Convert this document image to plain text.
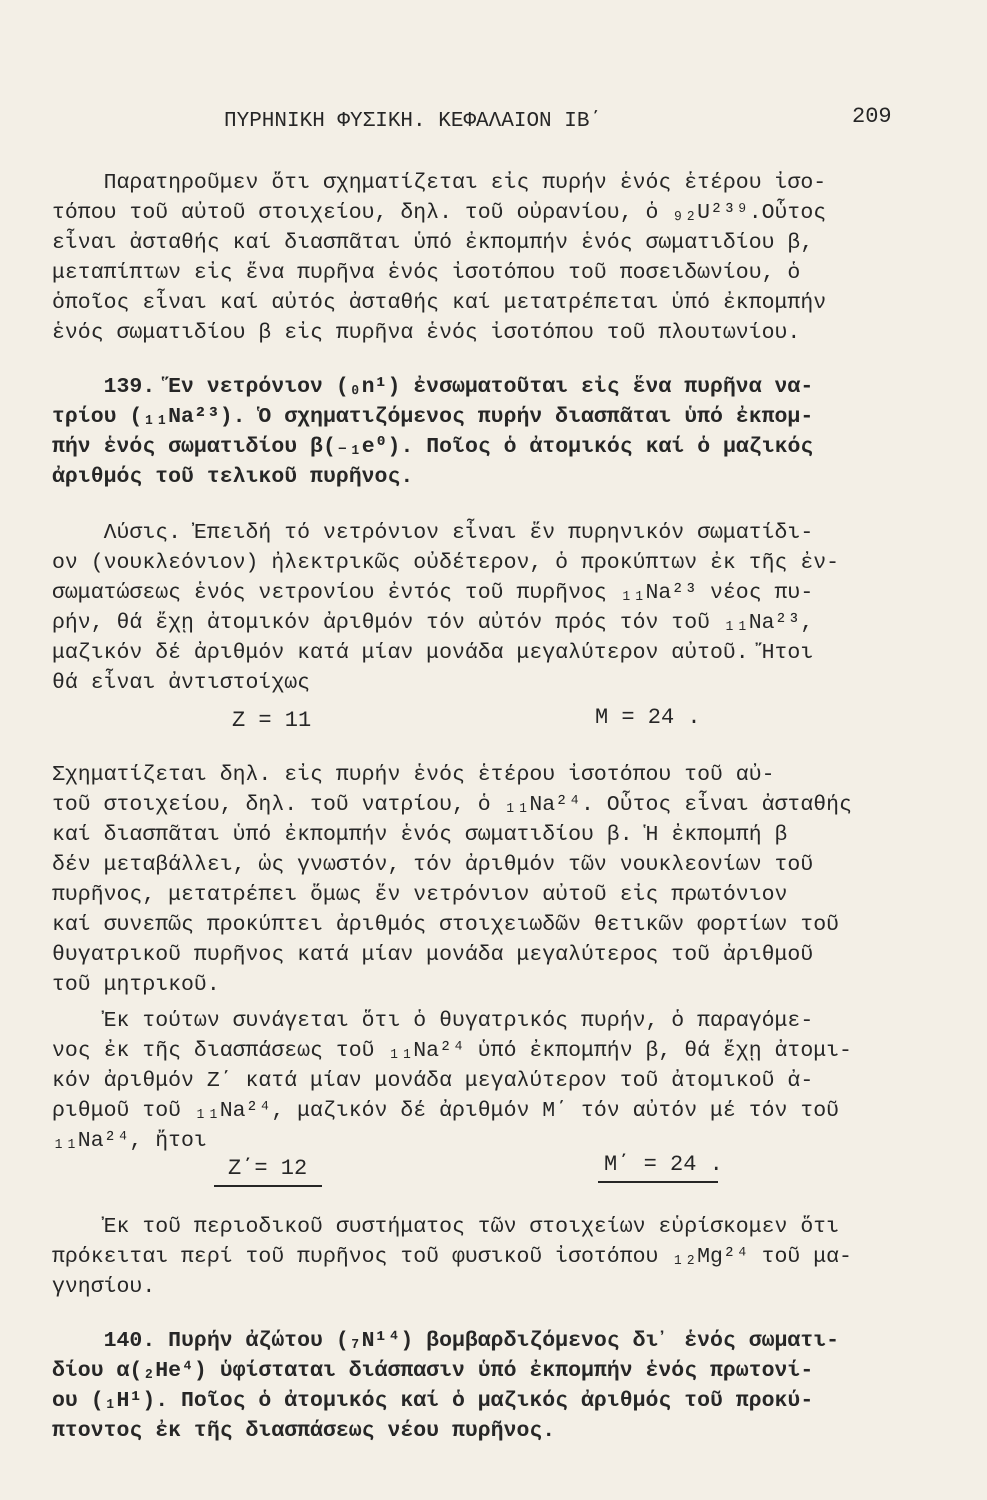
ΠΥΡΗΝΙΚΗ ΦΥΣΙΚΗ. ΚΕΦΑΛΑΙΟΝ ΙΒ΄	209
Παρατηροῦμεν ὅτι σχηματίζεται εἰς πυρήν ἑνός ἑτέρου ἰσο-
τόπου τοῦ αὐτοῦ στοιχείου, δηλ. τοῦ οὐρανίου, ὁ ₉₂U²³⁹.Οὗτος
εἶναι ἀσταθής καί διασπᾶται ὑπό ἐκπομπήν ἑνός σωματιδίου β,
μεταπίπτων εἰς ἕνα πυρῆνα ἑνός ἰσοτόπου τοῦ ποσειδωνίου, ὁ
ὁποῖος εἶναι καί αὐτός ἀσταθής καί μετατρέπεται ὑπό ἐκπομπήν
ἑνός σωματιδίου β εἰς πυρῆνα ἑνός ἰσοτόπου τοῦ πλουτωνίου.
139. Ἕν νετρόνιον (₀n¹) ἐνσωματοῦται εἰς ἕνα πυρῆνα να-
τρίου (₁₁Na²³). Ὁ σχηματιζόμενος πυρήν διασπᾶται ὑπό ἐκπομ-
πήν ἑνός σωματιδίου β(₋₁e⁰). Ποῖος ὁ ἀτομικός καί ὁ μαζικός
ἀριθμός τοῦ τελικοῦ πυρῆνος.
Λύσις. Ἐπειδή τό νετρόνιον εἶναι ἕν πυρηνικόν σωματίδι-
ον (νουκλεόνιον) ἠλεκτρικῶς οὐδέτερον, ὁ προκύπτων ἐκ τῆς ἐν-
σωματώσεως ἑνός νετρονίου ἐντός τοῦ πυρῆνος ₁₁Na²³ νέος πυ-
ρήν, θά ἔχῃ ἀτομικόν ἀριθμόν τόν αὐτόν πρός τόν τοῦ ₁₁Na²³,
μαζικόν δέ ἀριθμόν κατά μίαν μονάδα μεγαλύτερον αὐτοῦ. Ἤτοι
θά εἶναι ἀντιστοίχως
Z = 11	M = 24 .
Σχηματίζεται δηλ. εἰς πυρήν ἑνός ἑτέρου ἰσοτόπου τοῦ αὐ-
τοῦ στοιχείου, δηλ. τοῦ νατρίου, ὁ ₁₁Na²⁴. Οὗτος εἶναι ἀσταθής
καί διασπᾶται ὑπό ἐκπομπήν ἑνός σωματιδίου β. Ἡ ἐκπομπή β
δέν μεταβάλλει, ὡς γνωστόν, τόν ἀριθμόν τῶν νουκλεονίων τοῦ
πυρῆνος, μετατρέπει ὅμως ἕν νετρόνιον αὐτοῦ εἰς πρωτόνιον
καί συνεπῶς προκύπτει ἀριθμός στοιχειωδῶν θετικῶν φορτίων τοῦ
θυγατρικοῦ πυρῆνος κατά μίαν μονάδα μεγαλύτερος τοῦ ἀριθμοῦ
τοῦ μητρικοῦ.
Ἐκ τούτων συνάγεται ὅτι ὁ θυγατρικός πυρήν, ὁ παραγόμε-
νος ἐκ τῆς διασπάσεως τοῦ ₁₁Na²⁴ ὑπό ἐκπομπήν β, θά ἔχῃ ἀτομι-
κόν ἀριθμόν Z΄ κατά μίαν μονάδα μεγαλύτερον τοῦ ἀτομικοῦ ἀ-
ριθμοῦ τοῦ ₁₁Na²⁴, μαζικόν δέ ἀριθμόν M΄ τόν αὐτόν μέ τόν τοῦ
₁₁Na²⁴, ἤτοι
Z΄= 12	M΄ = 24 .
Ἐκ τοῦ περιοδικοῦ συστήματος τῶν στοιχείων εὑρίσκομεν ὅτι
πρόκειται περί τοῦ πυρῆνος τοῦ φυσικοῦ ἰσοτόπου ₁₂Mg²⁴ τοῦ μα-
γνησίου.
140. Πυρήν ἀζώτου (₇N¹⁴) βομβαρδιζόμενος δι᾽ ἑνός σωματι-
δίου α(₂He⁴) ὑφίσταται διάσπασιν ὑπό ἐκπομπήν ἑνός πρωτονί-
ου (₁H¹). Ποῖος ὁ ἀτομικός καί ὁ μαζικός ἀριθμός τοῦ προκύ-
πτοντος ἐκ τῆς διασπάσεως νέου πυρῆνος.
